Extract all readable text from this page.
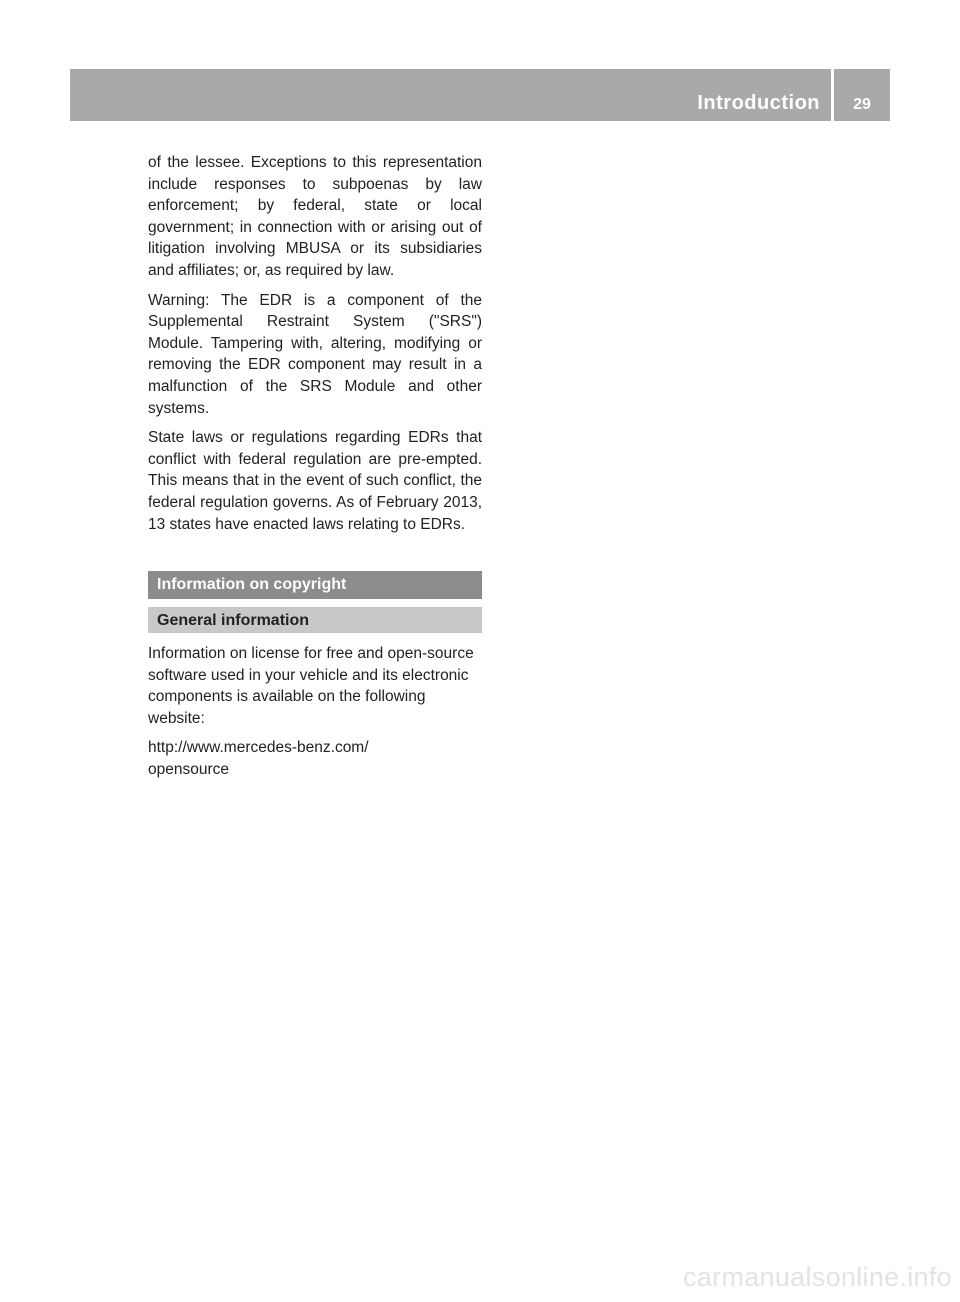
Introduction	29

of the lessee. Exceptions to this representation include responses to subpoenas by law enforcement; by federal, state or local government; in connection with or arising out of litigation involving MBUSA or its subsidiaries and affiliates; or, as required by law.

Warning: The EDR is a component of the Supplemental Restraint System ("SRS") Module. Tampering with, altering, modifying or removing the EDR component may result in a malfunction of the SRS Module and other systems.

State laws or regulations regarding EDRs that conflict with federal regulation are pre-empted. This means that in the event of such conflict, the federal regulation governs. As of February 2013, 13 states have enacted laws relating to EDRs.

Information on copyright
General information

Information on license for free and open-source software used in your vehicle and its electronic components is available on the following website:

http://www.mercedes-benz.com/
opensource

carmanualsonline.info
